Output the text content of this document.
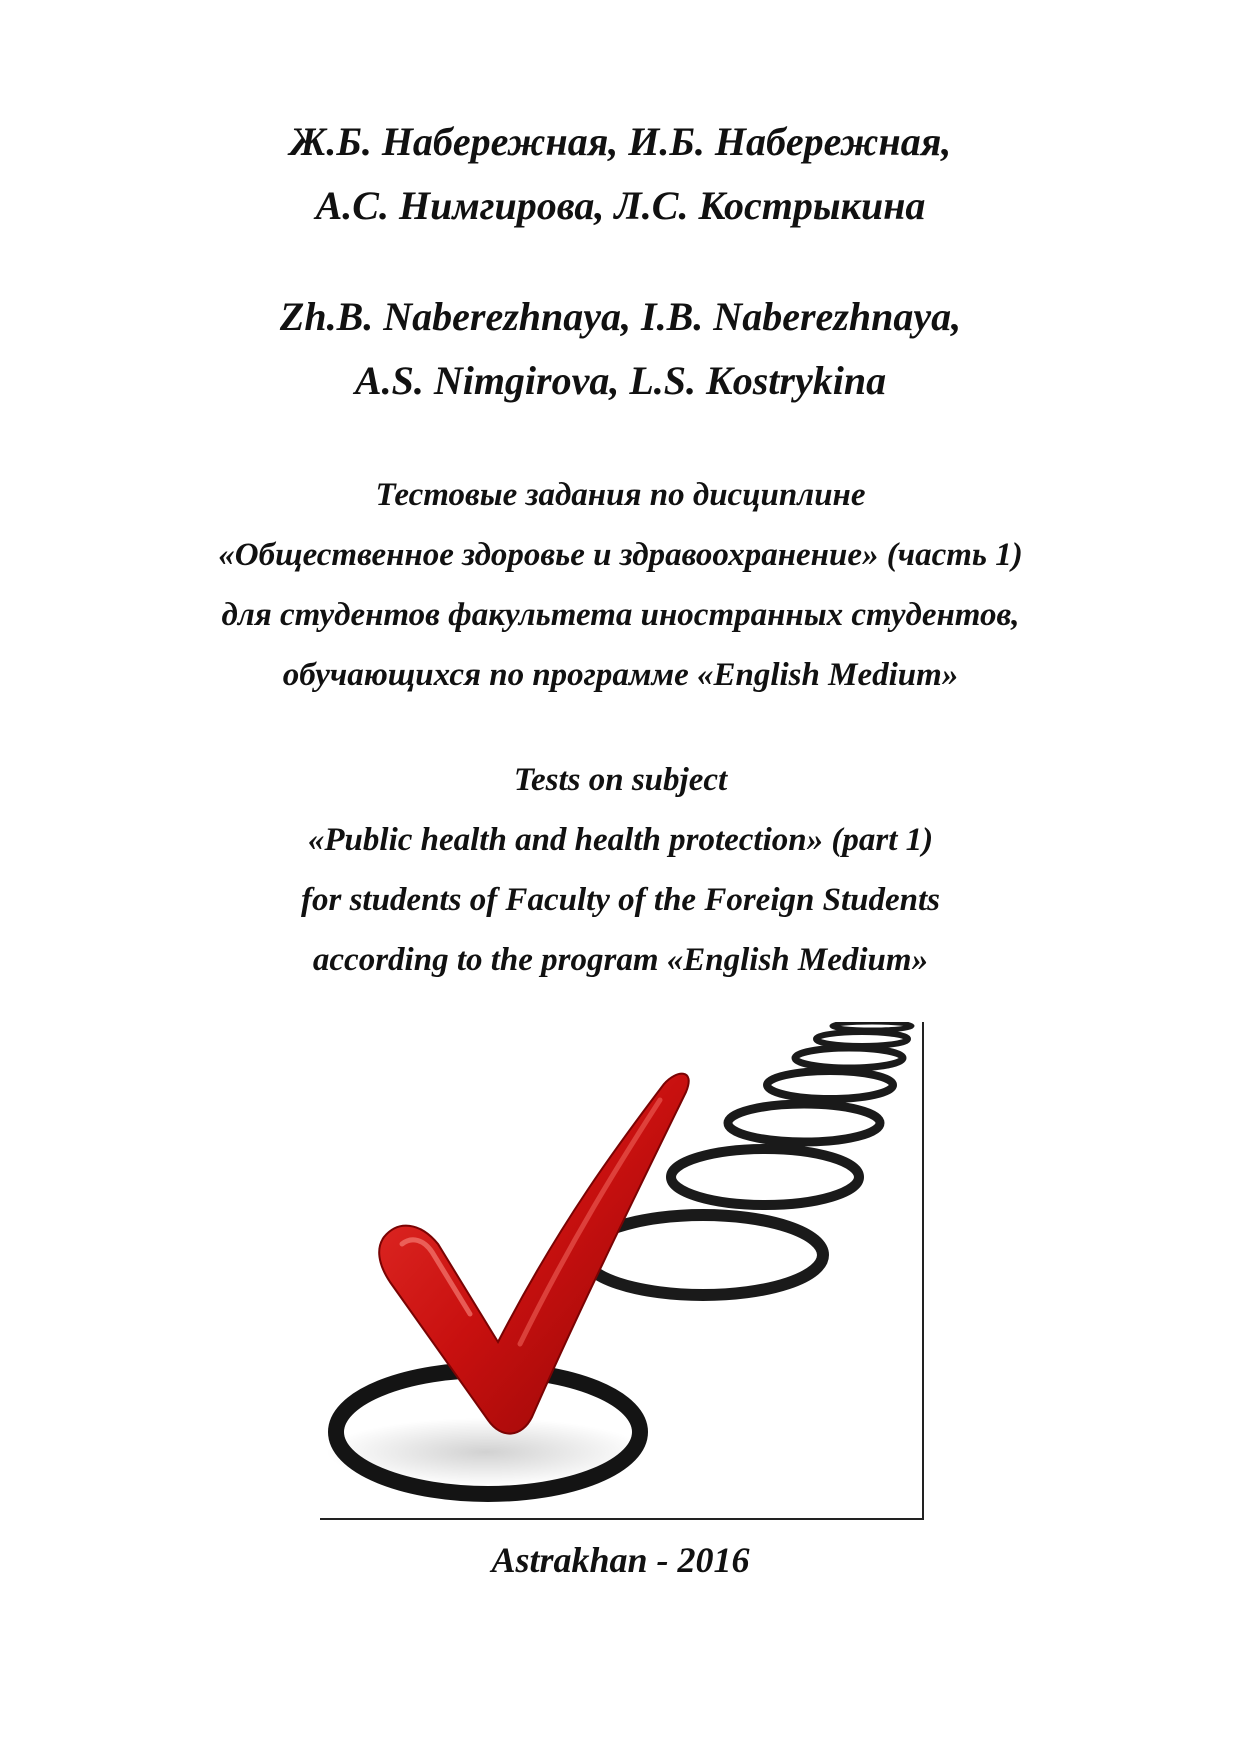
Ж.Б. Набережная, И.Б. Набережная,
А.С. Нимгирова, Л.С. Кострыкина
Zh.B. Naberezhnaya, I.B. Naberezhnaya,
A.S. Nimgirova, L.S. Kostrykina
Тестовые задания по дисциплине
«Общественное здоровье и здравоохранение» (часть 1)
для студентов факультета иностранных студентов,
обучающихся по программе «English Medium»
Tests on subject
«Public health and health protection» (part 1)
for students of Faculty of the Foreign Students
according to the program «English Medium»
Astrakhan - 2016
